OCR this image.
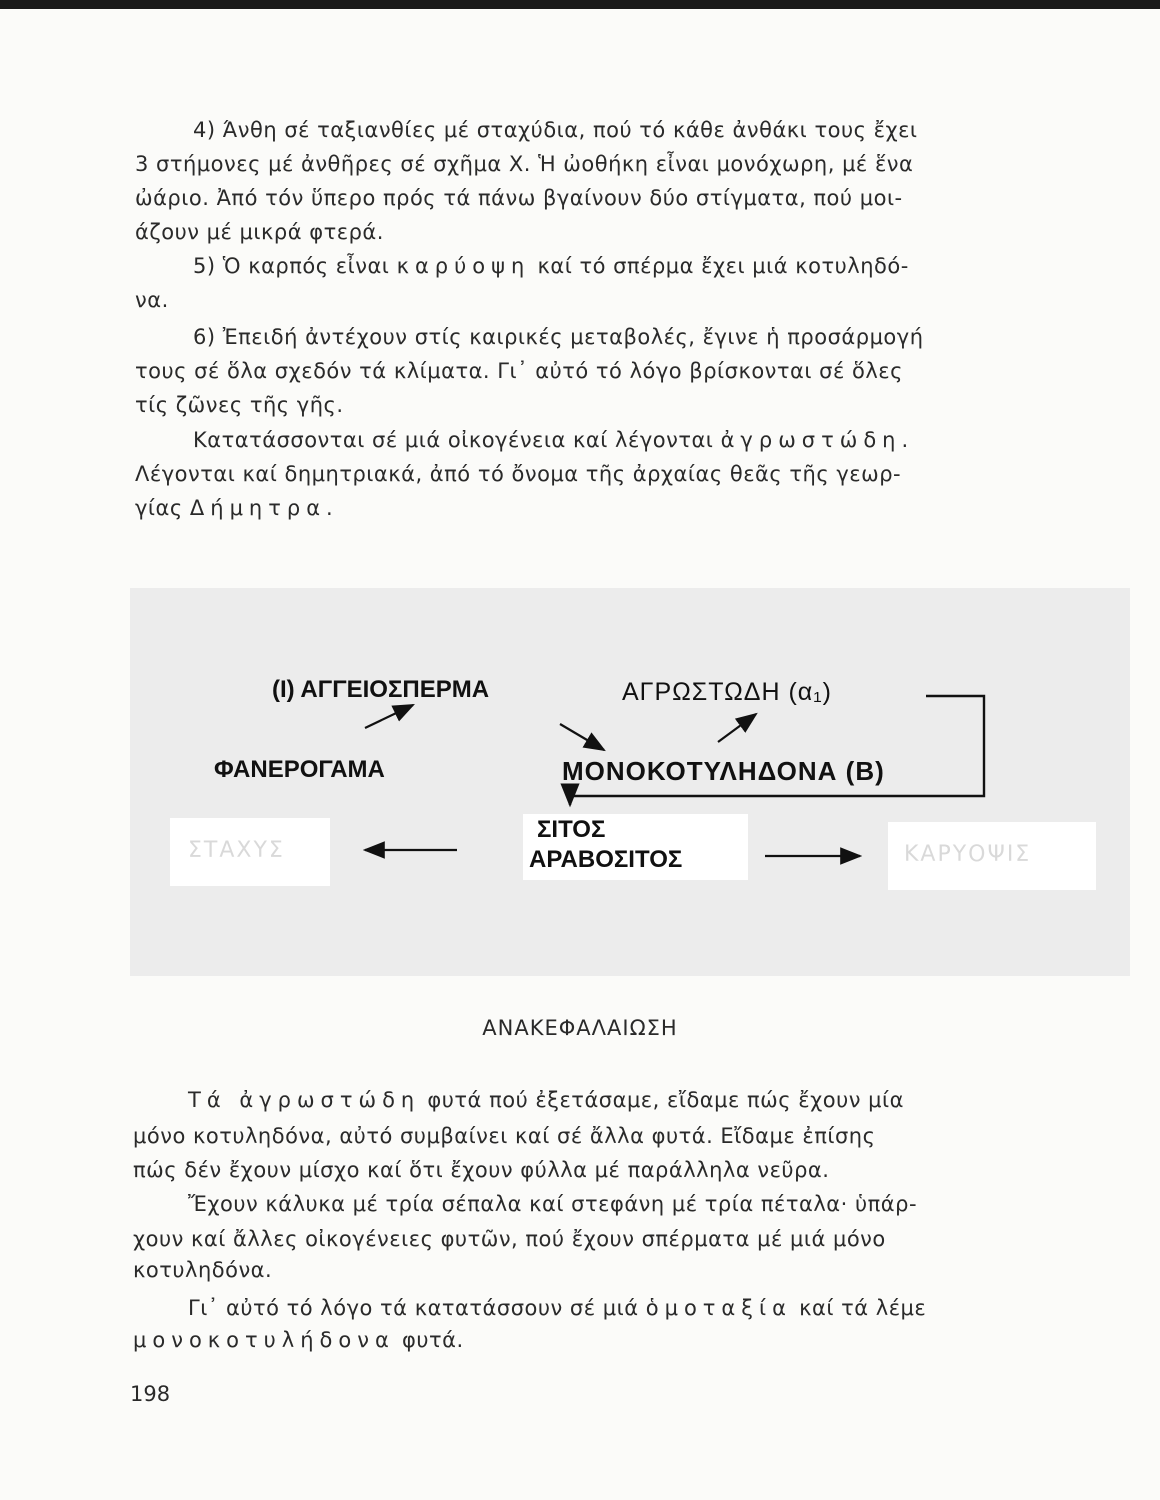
4) Άνθη σέ ταξιανθίες μέ σταχύδια, πού τό κάθε ἀνθάκι τους ἔχει
3 στήμονες μέ ἀνθῆρες σέ σχῆμα Χ. Ἡ ὠοθήκη εἶναι μονόχωρη, μέ ἕνα
ὠάριο. Ἀπό τόν ὕπερο πρός τά πάνω βγαίνουν δύο στίγματα, πού μοι-
άζουν μέ μικρά φτερά.
5) Ὁ καρπός εἶναι καρύοψη καί τό σπέρμα ἔχει μιά κοτυληδό-
να.
6) Ἐπειδή ἀντέχουν στίς καιρικές μεταβολές, ἔγινε ἡ προσάρμογή
τους σέ ὅλα σχεδόν τά κλίματα. Γι᾽ αὐτό τό λόγο βρίσκονται σέ ὅλες
τίς ζῶνες τῆς γῆς.
Κατατάσσονται σέ μιά οἰκογένεια καί λέγονται ἀγρωστώδη.
Λέγονται καί δημητριακά, ἀπό τό ὄνομα τῆς ἀρχαίας θεᾶς τῆς γεωρ-
γίας Δήμητρα.
(Ι) ΑΓΓΕΙΟΣΠΕΡΜΑ	ΑΓΡΩΣΤΩΔΗ (α₁)
ΦΑΝΕΡΟΓΑΜΑ	ΜΟΝΟΚΟΤΥΛΗΔΟΝΑ (Β)
ΣΤΑΧΥΣ
ΣΙΤΟΣ
ΑΡΑΒΟΣΙΤΟΣ	ΚΑΡΥΟΨΙΣ
ΑΝΑΚΕΦΑΛΑΙΩΣΗ
Τά ἀγρωστώδη φυτά πού ἐξετάσαμε, εἴδαμε πώς ἔχουν μία
μόνο κοτυληδόνα, αὐτό συμβαίνει καί σέ ἄλλα φυτά. Εἴδαμε ἐπίσης
πώς δέν ἔχουν μίσχο καί ὅτι ἔχουν φύλλα μέ παράλληλα νεῦρα.
Ἔχουν κάλυκα μέ τρία σέπαλα καί στεφάνη μέ τρία πέταλα· ὑπάρ-
χουν καί ἄλλες οἰκογένειες φυτῶν, πού ἔχουν σπέρματα μέ μιά μόνο
κοτυληδόνα.
Γι᾽ αὐτό τό λόγο τά κατατάσσουν σέ μιά ὁμοταξία καί τά λέμε
μονοκοτυλήδονα φυτά.
198
